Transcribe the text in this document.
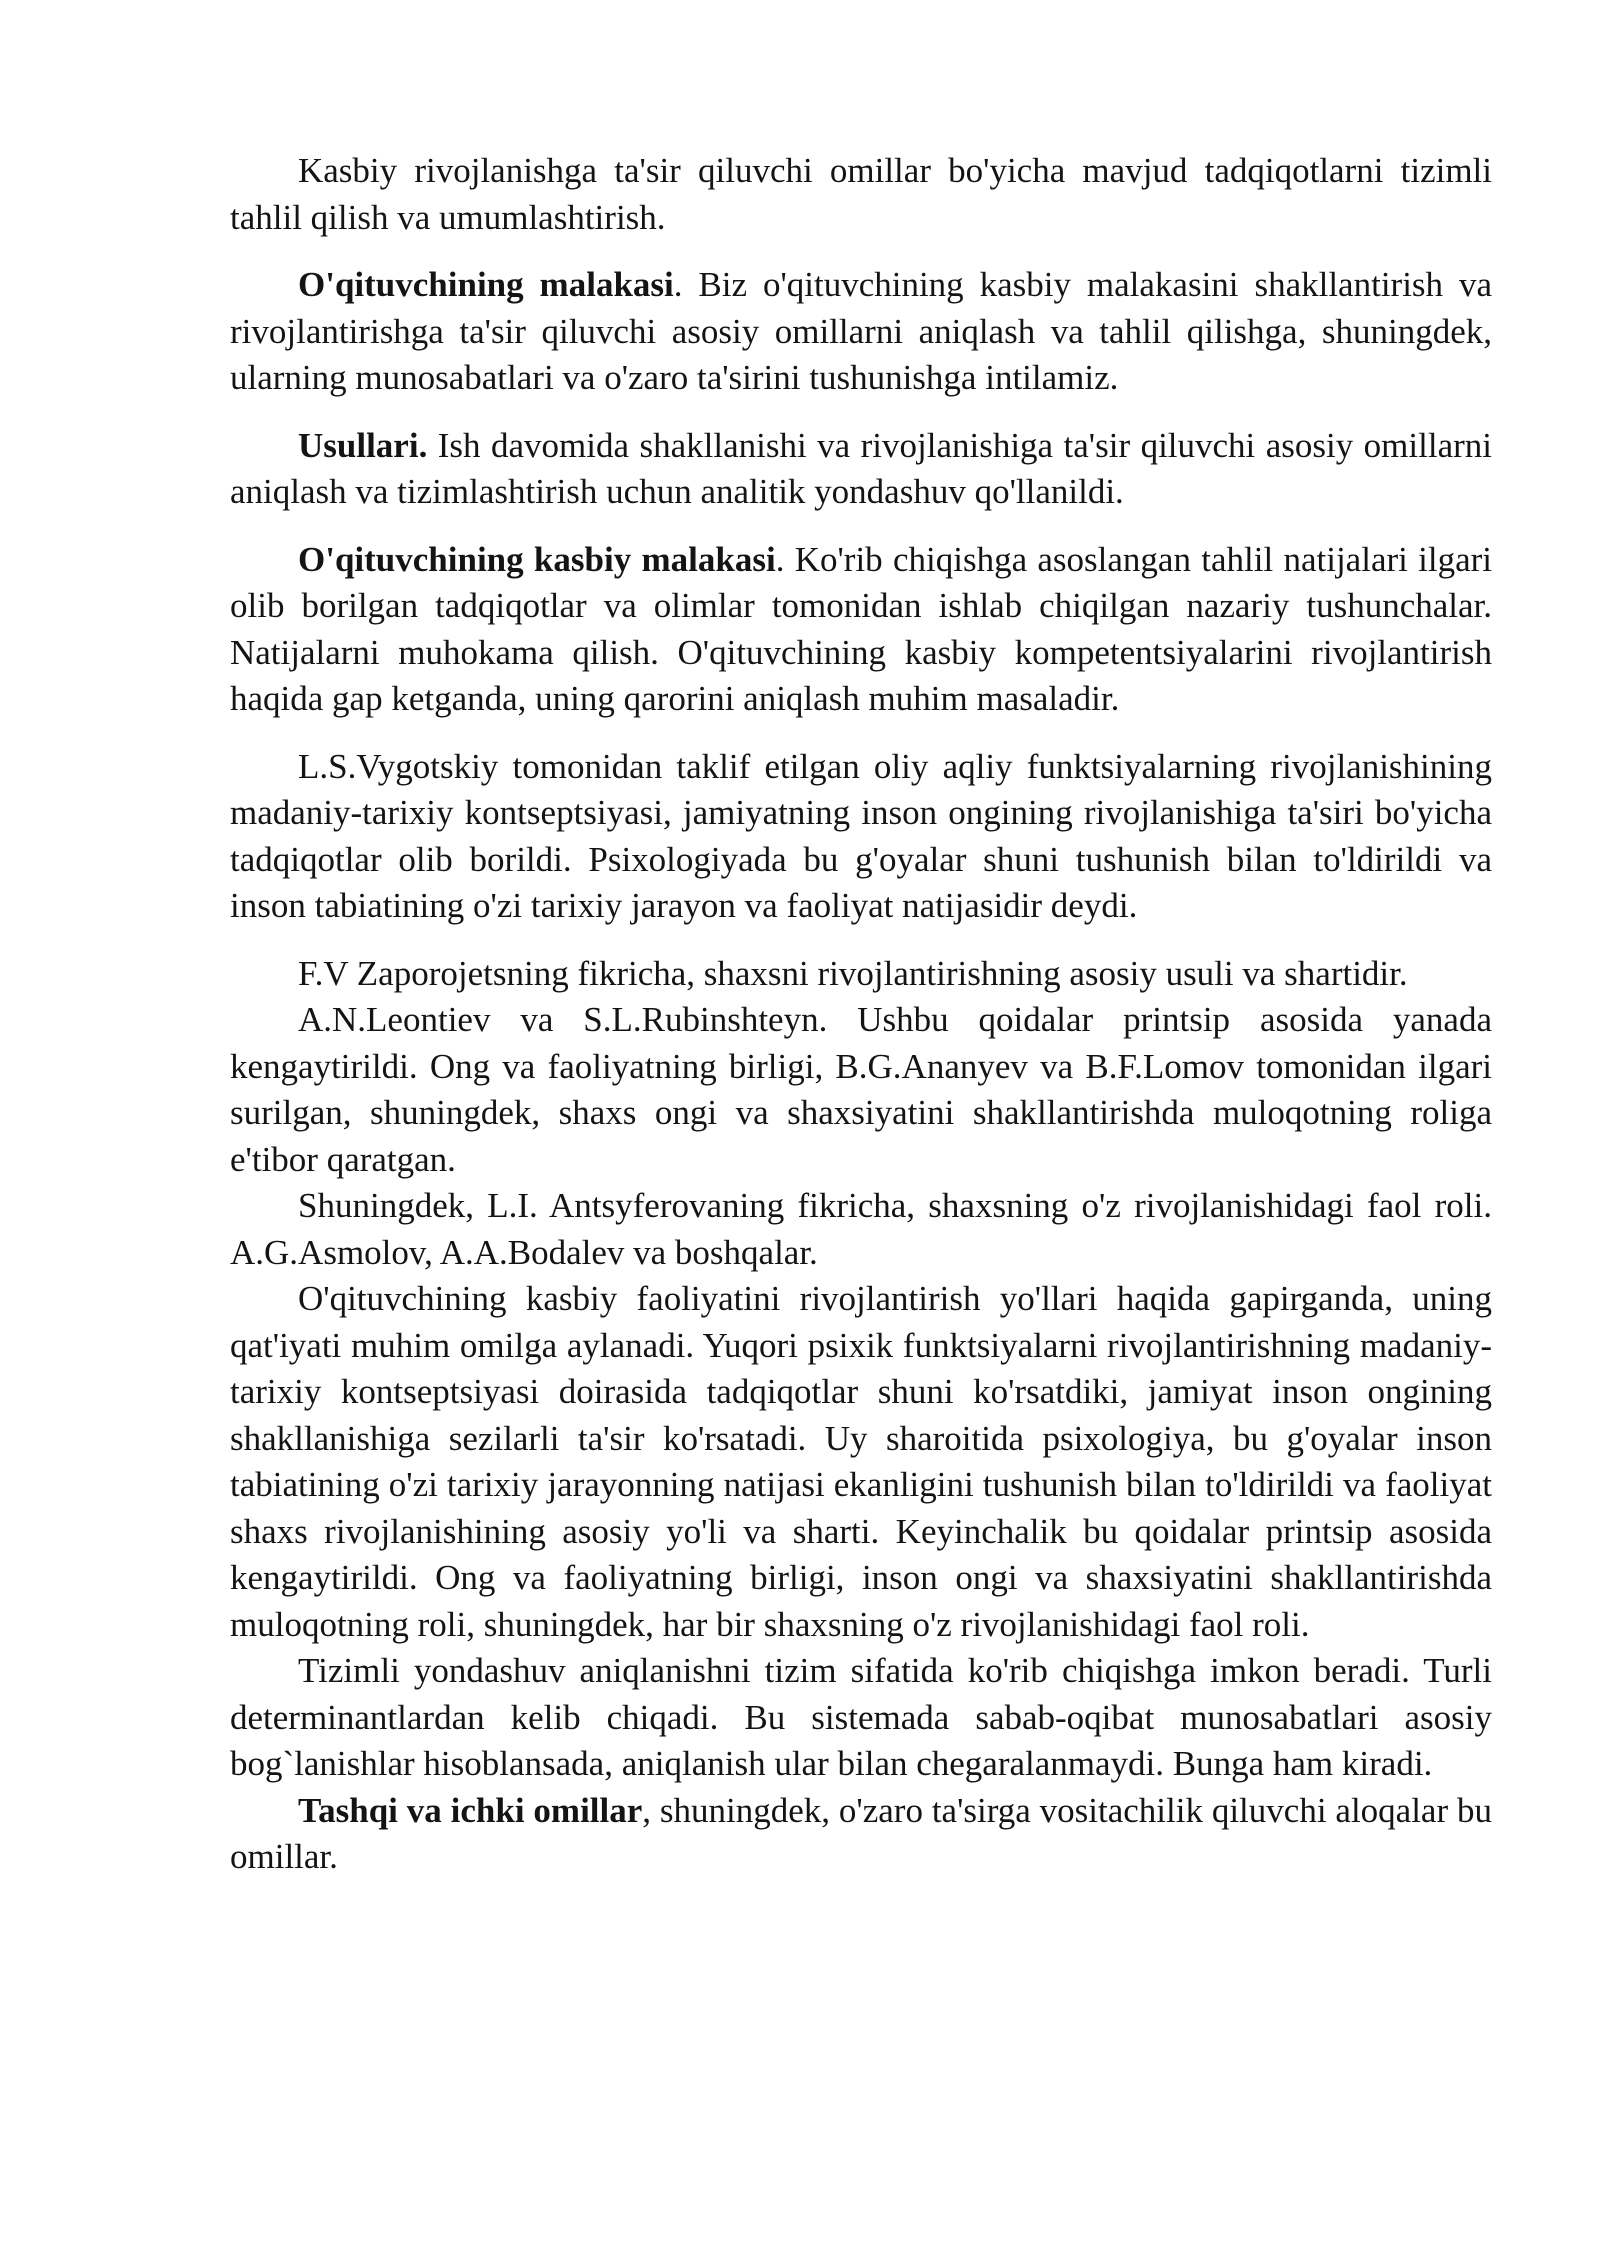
Kasbiy rivojlanishga ta'sir qiluvchi omillar bo'yicha mavjud tadqiqotlarni tizimli tahlil qilish va umumlashtirish.

O'qituvchining malakasi. Biz o'qituvchining kasbiy malakasini shakllantirish va rivojlantirishga ta'sir qiluvchi asosiy omillarni aniqlash va tahlil qilishga, shuningdek, ularning munosabatlari va o'zaro ta'sirini tushunishga intilamiz.

Usullari. Ish davomida shakllanishi va rivojlanishiga ta'sir qiluvchi asosiy omillarni aniqlash va tizimlashtirish uchun analitik yondashuv qo'llanildi.

O'qituvchining kasbiy malakasi. Ko'rib chiqishga asoslangan tahlil natijalari ilgari olib borilgan tadqiqotlar va olimlar tomonidan ishlab chiqilgan nazariy tushunchalar. Natijalarni muhokama qilish. O'qituvchining kasbiy kompetentsiyalarini rivojlantirish haqida gap ketganda, uning qarorini aniqlash muhim masaladir.

L.S.Vygotskiy tomonidan taklif etilgan oliy aqliy funktsiyalarning rivojlanishining madaniy-tarixiy kontseptsiyasi, jamiyatning inson ongining rivojlanishiga ta'siri bo'yicha tadqiqotlar olib borildi. Psixologiyada bu g'oyalar shuni tushunish bilan to'ldirildi va inson tabiatining o'zi tarixiy jarayon va faoliyat natijasidir deydi.

F.V Zaporojetsning fikricha, shaxsni rivojlantirishning asosiy usuli va shartidir.

A.N.Leontiev va S.L.Rubinshteyn. Ushbu qoidalar printsip asosida yanada kengaytirildi. Ong va faoliyatning birligi, B.G.Ananyev va B.F.Lomov tomonidan ilgari surilgan, shuningdek, shaxs ongi va shaxsiyatini shakllantirishda muloqotning roliga e'tibor qaratgan.

Shuningdek, L.I. Antsyferovaning fikricha, shaxsning o'z rivojlanishidagi faol roli. A.G.Asmolov, A.A.Bodalev va boshqalar.

O'qituvchining kasbiy faoliyatini rivojlantirish yo'llari haqida gapirganda, uning qat'iyati muhim omilga aylanadi. Yuqori psixik funktsiyalarni rivojlantirishning madaniy-tarixiy kontseptsiyasi doirasida tadqiqotlar shuni ko'rsatdiki, jamiyat inson ongining shakllanishiga sezilarli ta'sir ko'rsatadi. Uy sharoitida psixologiya, bu g'oyalar inson tabiatining o'zi tarixiy jarayonning natijasi ekanligini tushunish bilan to'ldirildi va faoliyat shaxs rivojlanishining asosiy yo'li va sharti. Keyinchalik bu qoidalar printsip asosida kengaytirildi. Ong va faoliyatning birligi, inson ongi va shaxsiyatini shakllantirishda muloqotning roli, shuningdek, har bir shaxsning o'z rivojlanishidagi faol roli.

Tizimli yondashuv aniqlanishni tizim sifatida ko'rib chiqishga imkon beradi. Turli determinantlardan kelib chiqadi. Bu sistemada sabab-oqibat munosabatlari asosiy bog`lanishlar hisoblansada, aniqlanish ular bilan chegaralanmaydi. Bunga ham kiradi.

Tashqi va ichki omillar, shuningdek, o'zaro ta'sirga vositachilik qiluvchi aloqalar bu omillar.
